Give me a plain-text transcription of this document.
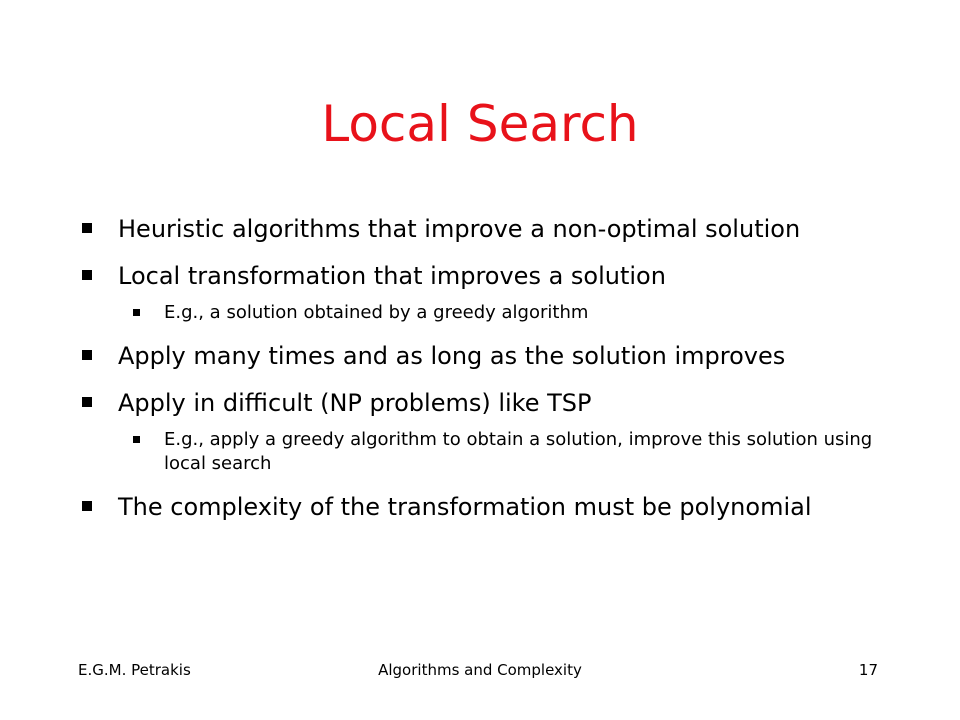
Local Search
Heuristic algorithms that improve a non-optimal solution
Local transformation that improves a solution
E.g., a solution obtained by a greedy algorithm
Apply many times and as long as the solution improves
Apply in difficult (NP problems) like TSP
E.g., apply a greedy algorithm to obtain a solution, improve this solution using local search
The complexity of the transformation must be polynomial
E.G.M. Petrakis	Algorithms and Complexity	17
